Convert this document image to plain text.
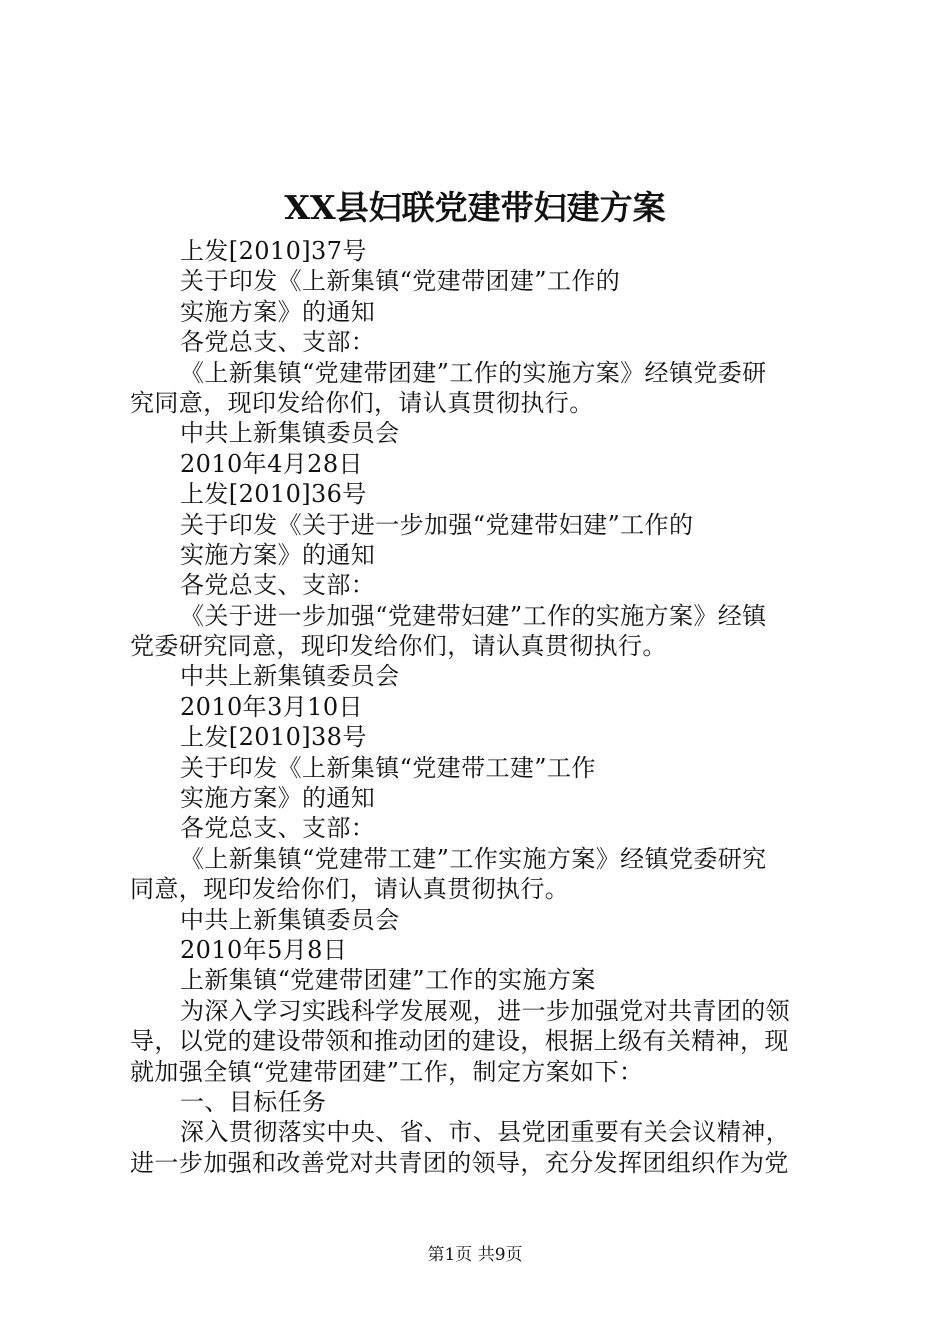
XX县妇联党建带妇建方案
上发[2010]37号
关于印发《上新集镇“党建带团建”工作的
实施方案》的通知
各党总支、支部：
《上新集镇“党建带团建”工作的实施方案》经镇党委研
究同意，现印发给你们，请认真贯彻执行。
中共上新集镇委员会
2010年4月28日
上发[2010]36号
关于印发《关于进一步加强“党建带妇建”工作的
实施方案》的通知
各党总支、支部：
《关于进一步加强“党建带妇建”工作的实施方案》经镇
党委研究同意，现印发给你们，请认真贯彻执行。
中共上新集镇委员会
2010年3月10日
上发[2010]38号
关于印发《上新集镇“党建带工建”工作
实施方案》的通知
各党总支、支部：
《上新集镇“党建带工建”工作实施方案》经镇党委研究
同意，现印发给你们，请认真贯彻执行。
中共上新集镇委员会
2010年5月8日
上新集镇“党建带团建”工作的实施方案
为深入学习实践科学发展观，进一步加强党对共青团的领
导，以党的建设带领和推动团的建设，根据上级有关精神，现
就加强全镇“党建带团建”工作，制定方案如下：
一、目标任务
深入贯彻落实中央、省、市、县党团重要有关会议精神，
进一步加强和改善党对共青团的领导，充分发挥团组织作为党
第1页 共9页
